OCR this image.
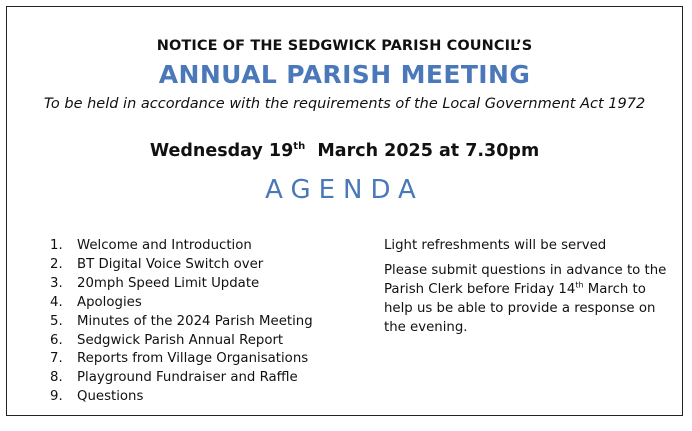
NOTICE OF THE SEDGWICK PARISH COUNCIL’S
ANNUAL PARISH MEETING
To be held in accordance with the requirements of the Local Government Act 1972
Wednesday 19th March 2025 at 7.30pm
AGENDA
1. Welcome and Introduction
2. BT Digital Voice Switch over
3. 20mph Speed Limit Update
4. Apologies
5. Minutes of the 2024 Parish Meeting
6. Sedgwick Parish Annual Report
7. Reports from Village Organisations
8. Playground Fundraiser and Raffle
9. Questions

Light refreshments will be served

Please submit questions in advance to the Parish Clerk before Friday 14th March to help us be able to provide a response on the evening.
